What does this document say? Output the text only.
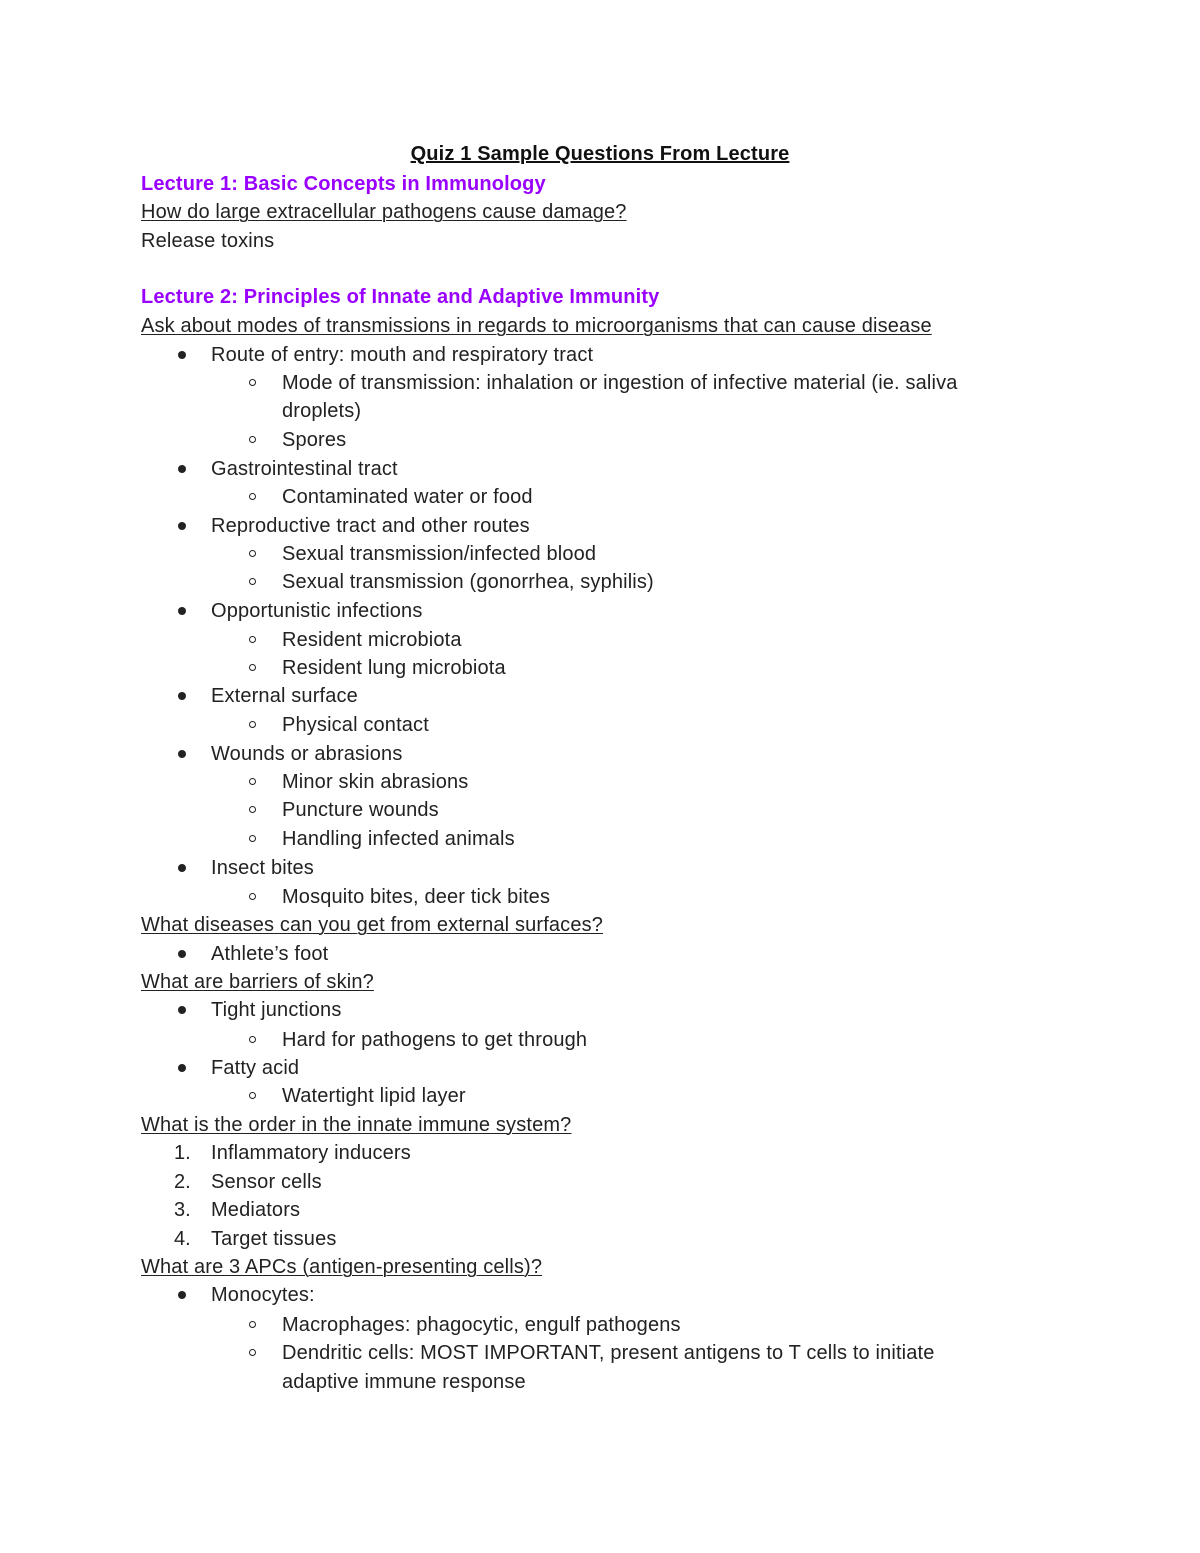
Quiz 1 Sample Questions From Lecture
Lecture 1: Basic Concepts in Immunology
How do large extracellular pathogens cause damage?
Release toxins
Lecture 2: Principles of Innate and Adaptive Immunity
Ask about modes of transmissions in regards to microorganisms that can cause disease
Route of entry: mouth and respiratory tract
Mode of transmission: inhalation or ingestion of infective material (ie. saliva
droplets)
Spores
Gastrointestinal tract
Contaminated water or food
Reproductive tract and other routes
Sexual transmission/infected blood
Sexual transmission (gonorrhea, syphilis)
Opportunistic infections
Resident microbiota
Resident lung microbiota
External surface
Physical contact
Wounds or abrasions
Minor skin abrasions
Puncture wounds
Handling infected animals
Insect bites
Mosquito bites, deer tick bites
What diseases can you get from external surfaces?
Athlete’s foot
What are barriers of skin?
Tight junctions
Hard for pathogens to get through
Fatty acid
Watertight lipid layer
What is the order in the innate immune system?
1. Inflammatory inducers
2. Sensor cells
3. Mediators
4. Target tissues
What are 3 APCs (antigen-presenting cells)?
Monocytes:
Macrophages: phagocytic, engulf pathogens
Dendritic cells: MOST IMPORTANT, present antigens to T cells to initiate
adaptive immune response
